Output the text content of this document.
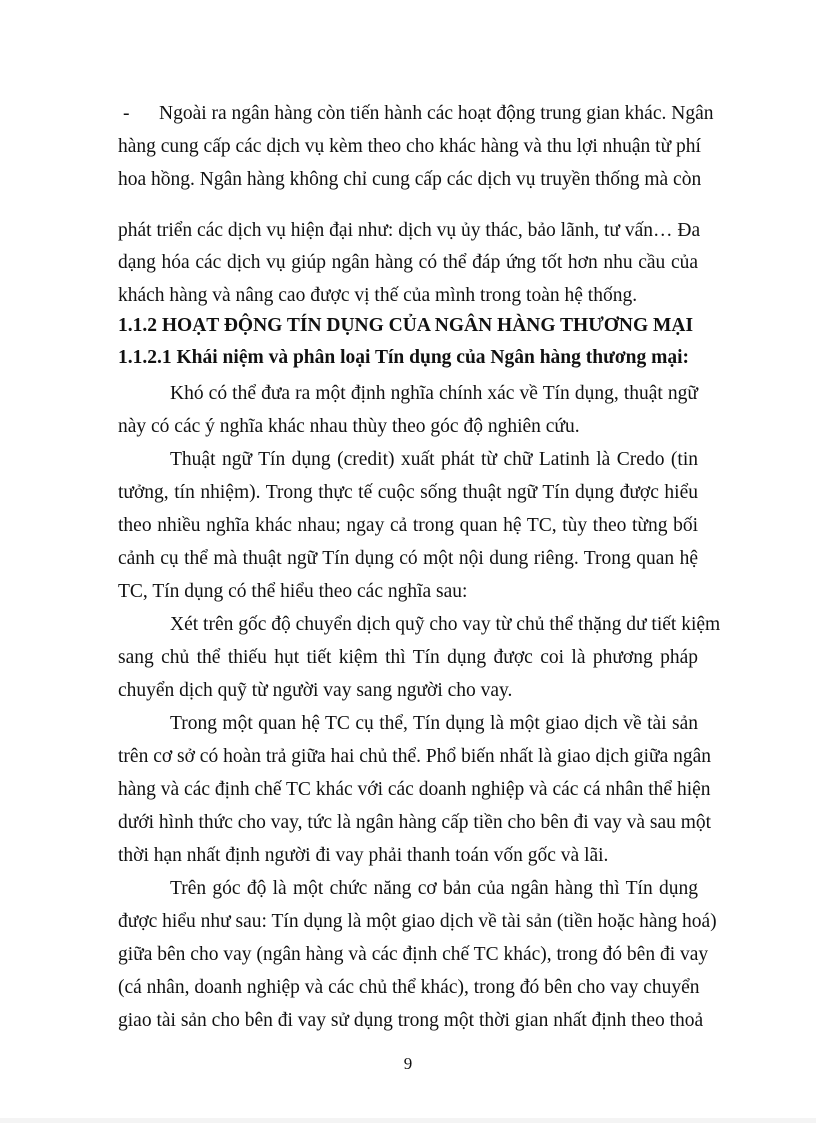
-	Ngoài ra ngân hàng còn tiến hành các hoạt động trung gian khác. Ngân
hàng cung cấp các dịch vụ kèm theo cho khác hàng và thu lợi nhuận từ phí
hoa hồng. Ngân hàng không chỉ cung cấp các dịch vụ truyền thống mà còn
phát triển các dịch vụ hiện đại như: dịch vụ ủy thác, bảo lãnh, tư vấn… Đa
dạng hóa các dịch vụ giúp ngân hàng có thể đáp ứng tốt hơn nhu cầu của
khách hàng và nâng cao được vị thế của mình trong toàn hệ thống.
1.1.2 HOẠT ĐỘNG TÍN DỤNG CỦA NGÂN HÀNG THƯƠNG MẠI
1.1.2.1 Khái niệm và phân loại Tín dụng của Ngân hàng thương mại:
Khó có thể đưa ra một định nghĩa chính xác về Tín dụng, thuật ngữ
này có các ý nghĩa khác nhau thùy theo góc độ nghiên cứu.
Thuật ngữ Tín dụng (credit) xuất phát từ chữ Latinh là Credo (tin
tưởng, tín nhiệm). Trong thực tế cuộc sống thuật ngữ Tín dụng được hiểu
theo nhiều nghĩa khác nhau; ngay cả trong quan hệ TC, tùy theo từng bối
cảnh cụ thể mà thuật ngữ Tín dụng có một nội dung riêng. Trong quan hệ
TC, Tín dụng có thể hiểu theo các nghĩa sau:
Xét trên gốc độ chuyển dịch quỹ cho vay từ chủ thể thặng dư tiết kiệm
sang chủ thể thiếu hụt tiết kiệm thì Tín dụng được coi là phương pháp
chuyển dịch quỹ từ người vay sang người cho vay.
Trong một quan hệ TC cụ thể, Tín dụng là một giao dịch về tài sản
trên cơ sở có hoàn trả giữa hai chủ thể. Phổ biến nhất là giao dịch giữa ngân
hàng và các định chế TC khác với các doanh nghiệp và các cá nhân thể hiện
dưới hình thức cho vay, tức là ngân hàng cấp tiền cho bên đi vay và sau một
thời hạn nhất định người đi vay phải thanh toán vốn gốc và lãi.
Trên góc độ là một chức năng cơ bản của ngân hàng thì Tín dụng
được hiểu như sau: Tín dụng là một giao dịch về tài sản (tiền hoặc hàng hoá)
giữa bên cho vay (ngân hàng và các định chế TC khác), trong đó bên đi vay
(cá nhân, doanh nghiệp và các chủ thể khác), trong đó bên cho vay chuyển
giao tài sản cho bên đi vay sử dụng trong một thời gian nhất định theo thoả
9
